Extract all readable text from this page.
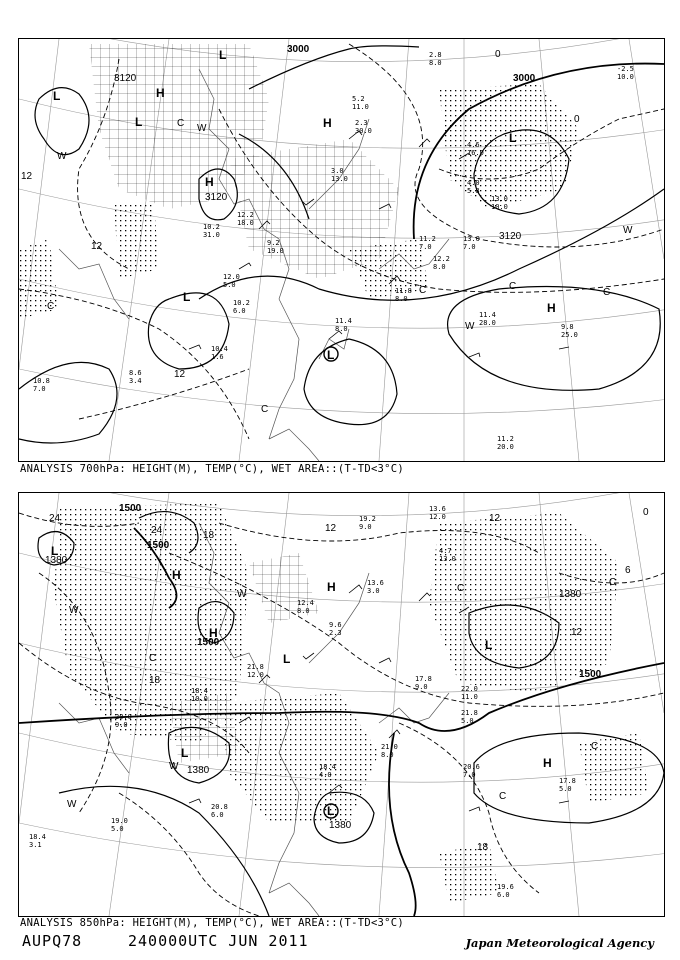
2.8
8.0
-2.5
10.0
5.2
11.0
2.3
30.0
3.0
13.0
4.6
16.0
4.0
5.8
12.2
18.0
9.2
19.0
11.2
7.0
13.0
7.0
12.2
8.0
12.0
5.0
10.2
6.0	11.4
28.0	9.8
25.0
10.4
1.6
10.8
7.0
8.6
3.4
11.2
20.0
11.8
8.0
11.4
8.0
10.2
31.0
13.0
10.0
3000
3000
3120
3120
3120
12
12
12
0
0
H
H
H
H
L
L
L
L
L
L
W
W
W
W
C
C
C
C
C
C
ANALYSIS 700hPa: HEIGHT(M), TEMP(°C), WET AREA::(T-TD<3°C)
13.6
12.0
4.7
13.0
19.2
9.0
13.6
3.0
12.4
8.0
9.6
2.3
21.8
12.0
18.4
10.0
17.8
9.0	22.0
11.0
21.8
5.0
21.0
8.0
20.6
7.0
17.8
5.0
20.8
6.0
19.6
6.0
18.4
3.1
19.0
5.0
20.0
9.0
18.4
4.0
1500
1500
1500
1500
1380
1380
1380
1380
24
24	18
18
18
12
12
12
6
0
H
H
H
H
L
L
L
L
L
W
W
W
W
C
C
C
C
C
ANALYSIS 850hPa: HEIGHT(M), TEMP(°C), WET AREA::(T-TD<3°C)
AUPQ78	240000UTC JUN 2011	Japan Meteorological Agency
